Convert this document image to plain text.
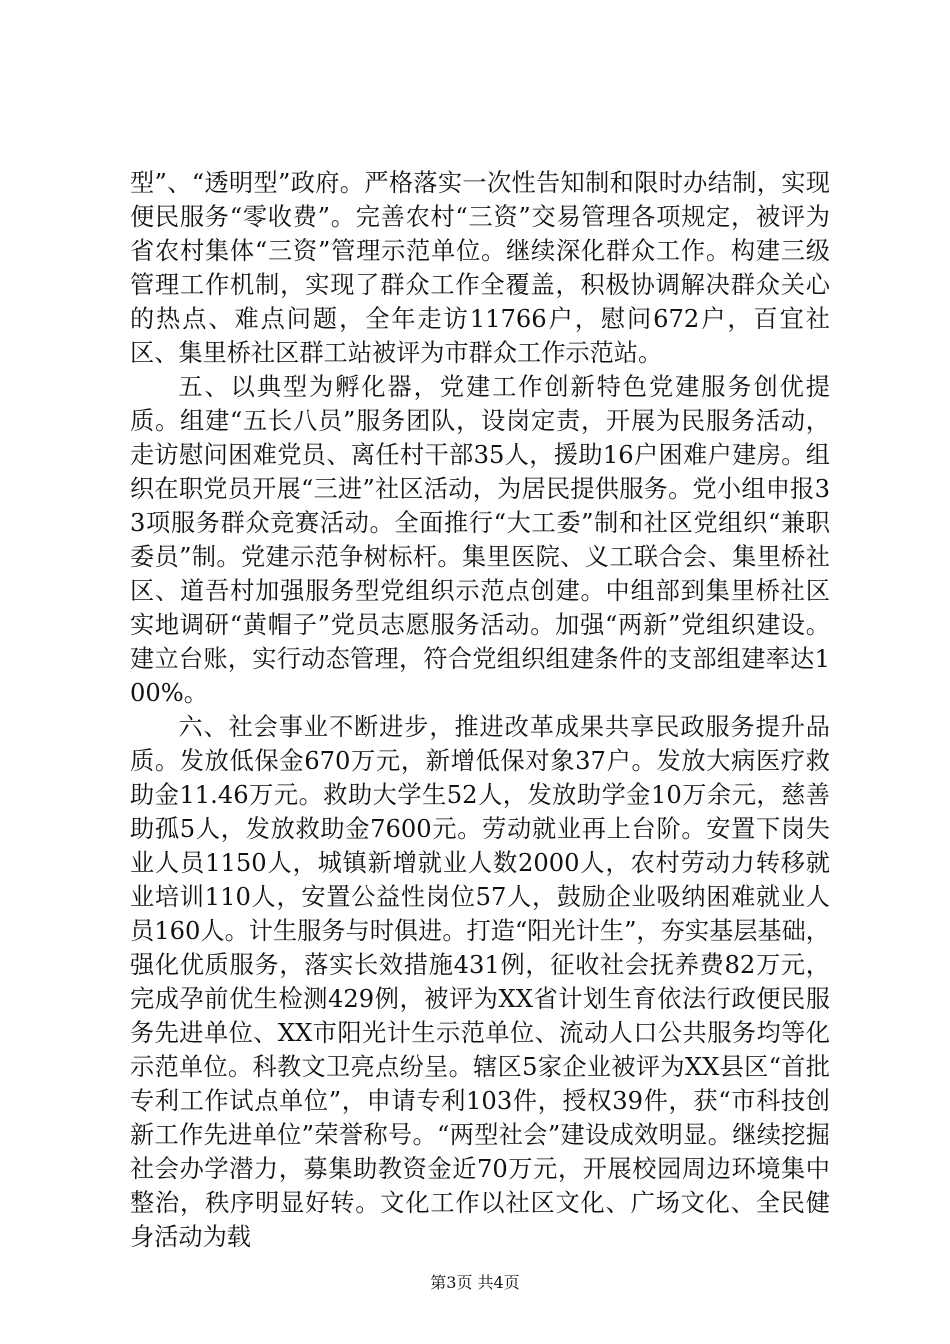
型”、“透明型”政府。严格落实一次性告知制和限时办结制，实现便民服务“零收费”。完善农村“三资”交易管理各项规定，被评为省农村集体“三资”管理示范单位。继续深化群众工作。构建三级管理工作机制，实现了群众工作全覆盖，积极协调解决群众关心的热点、难点问题，全年走访11766户，慰问672户，百宜社区、集里桥社区群工站被评为市群众工作示范站。

五、以典型为孵化器，党建工作创新特色党建服务创优提质。组建“五长八员”服务团队，设岗定责，开展为民服务活动，走访慰问困难党员、离任村干部35人，援助16户困难户建房。组织在职党员开展“三进”社区活动，为居民提供服务。党小组申报33项服务群众竞赛活动。全面推行“大工委”制和社区党组织“兼职委员”制。党建示范争树标杆。集里医院、义工联合会、集里桥社区、道吾村加强服务型党组织示范点创建。中组部到集里桥社区实地调研“黄帽子”党员志愿服务活动。加强“两新”党组织建设。建立台账，实行动态管理，符合党组织组建条件的支部组建率达100%。

六、社会事业不断进步，推进改革成果共享民政服务提升品质。发放低保金670万元，新增低保对象37户。发放大病医疗救助金11.46万元。救助大学生52人，发放助学金10万余元，慈善助孤5人，发放救助金7600元。劳动就业再上台阶。安置下岗失业人员1150人，城镇新增就业人数2000人，农村劳动力转移就业培训110人，安置公益性岗位57人，鼓励企业吸纳困难就业人员160人。计生服务与时俱进。打造“阳光计生”，夯实基层基础，强化优质服务，落实长效措施431例，征收社会抚养费82万元，完成孕前优生检测429例，被评为XX省计划生育依法行政便民服务先进单位、XX市阳光计生示范单位、流动人口公共服务均等化示范单位。科教文卫亮点纷呈。辖区5家企业被评为XX县区“首批专利工作试点单位”，申请专利103件，授权39件，获“市科技创新工作先进单位”荣誉称号。“两型社会”建设成效明显。继续挖掘社会办学潜力，募集助教资金近70万元，开展校园周边环境集中整治，秩序明显好转。文化工作以社区文化、广场文化、全民健身活动为载

第3页 共4页
